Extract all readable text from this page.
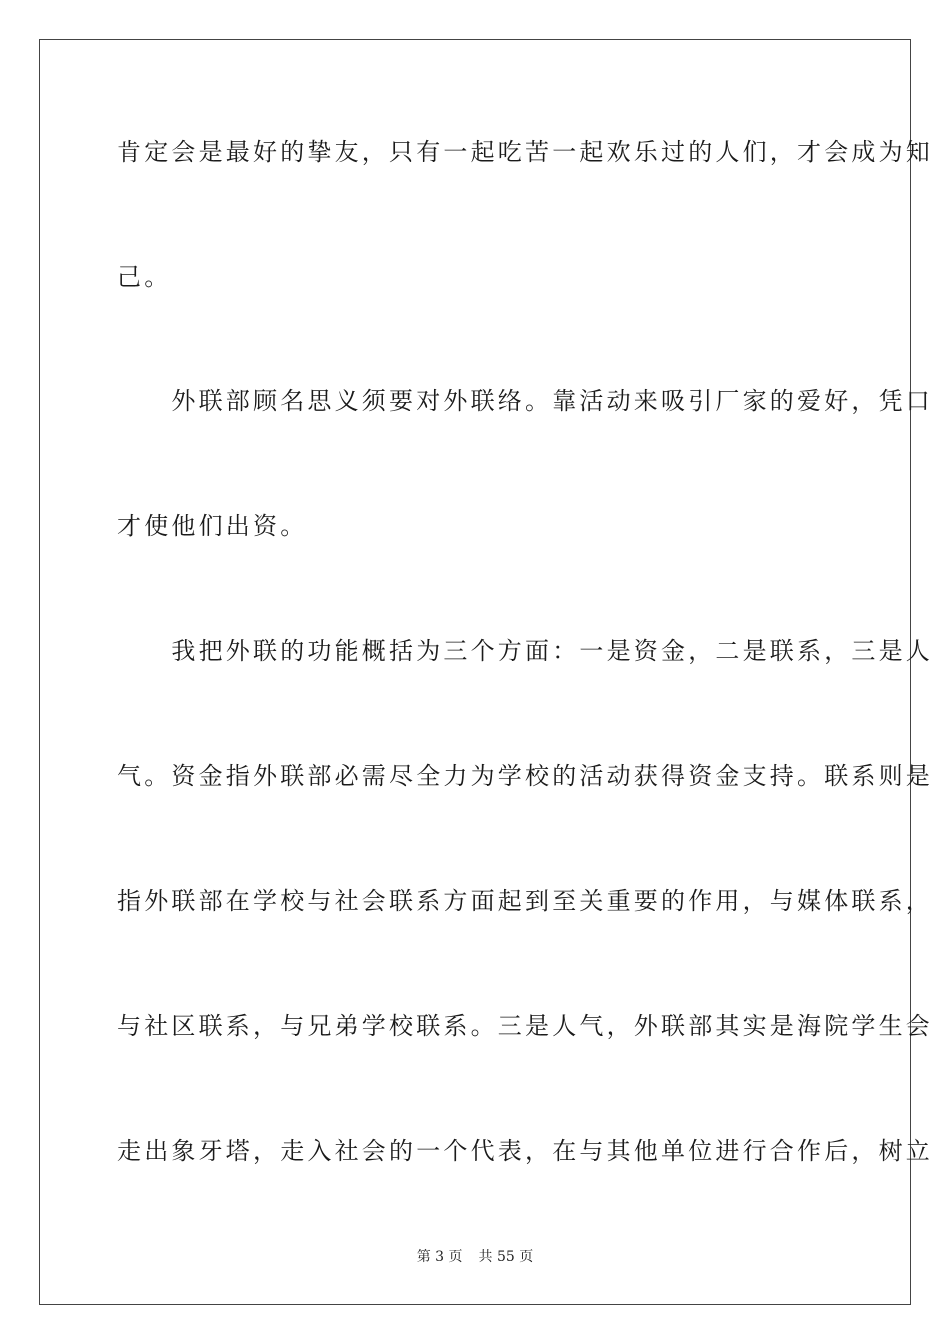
肯定会是最好的挚友，只有一起吃苦一起欢乐过的人们，才会成为知
己。
　　外联部顾名思义须要对外联络。靠活动来吸引厂家的爱好，凭口
才使他们出资。
　　我把外联的功能概括为三个方面：一是资金，二是联系，三是人
气。资金指外联部必需尽全力为学校的活动获得资金支持。联系则是
指外联部在学校与社会联系方面起到至关重要的作用，与媒体联系，
与社区联系，与兄弟学校联系。三是人气，外联部其实是海院学生会
走出象牙塔，走入社会的一个代表，在与其他单位进行合作后，树立
第 3 页 共 55 页
